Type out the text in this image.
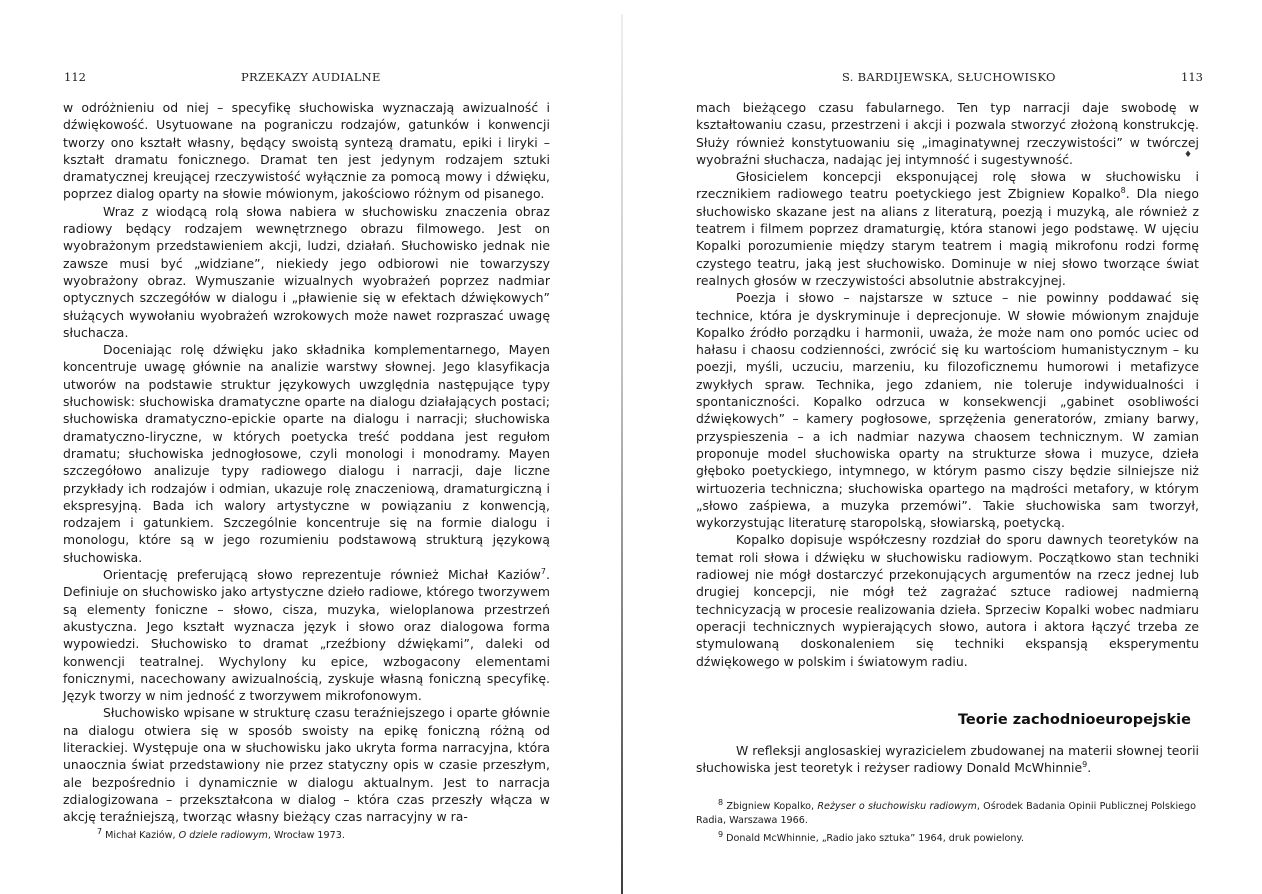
112	PRZEKAZY AUDIALNE

w odróżnieniu od niej – specyfikę słuchowiska wyznaczają awizualność i dźwiękowość. Usytuowane na pograniczu rodzajów, gatunków i konwencji tworzy ono kształt własny, będący swoistą syntezą dramatu, epiki i liryki – kształt dramatu fonicznego. Dramat ten jest jedynym rodzajem sztuki dramatycznej kreującej rzeczywistość wyłącznie za pomocą mowy i dźwięku, poprzez dialog oparty na słowie mówionym, jakościowo różnym od pisanego.

Wraz z wiodącą rolą słowa nabiera w słuchowisku znaczenia obraz radiowy będący rodzajem wewnętrznego obrazu filmowego. Jest on wyobrażonym przedstawieniem akcji, ludzi, działań. Słuchowisko jednak nie zawsze musi być „widziane”, niekiedy jego odbiorowi nie towarzyszy wyobrażony obraz. Wymuszanie wizualnych wyobrażeń poprzez nadmiar optycznych szczegółów w dialogu i „pławienie się w efektach dźwiękowych” służących wywołaniu wyobrażeń wzrokowych może nawet rozpraszać uwagę słuchacza.

Doceniając rolę dźwięku jako składnika komplementarnego, Mayen koncentruje uwagę głównie na analizie warstwy słownej. Jego klasyfikacja utworów na podstawie struktur językowych uwzględnia następujące typy słuchowisk: słuchowiska dramatyczne oparte na dialogu działających postaci; słuchowiska dramatyczno-epickie oparte na dialogu i narracji; słuchowiska dramatyczno-liryczne, w których poetycka treść poddana jest regułom dramatu; słuchowiska jednogłosowe, czyli monologi i monodramy. Mayen szczegółowo analizuje typy radiowego dialogu i narracji, daje liczne przykłady ich rodzajów i odmian, ukazuje rolę znaczeniową, dramaturgiczną i ekspresyjną. Bada ich walory artystyczne w powiązaniu z konwencją, rodzajem i gatunkiem. Szczególnie koncentruje się na formie dialogu i monologu, które są w jego rozumieniu podstawową strukturą językową słuchowiska.

Orientację preferującą słowo reprezentuje również Michał Kaziów$^7$. Definiuje on słuchowisko jako artystyczne dzieło radiowe, którego tworzywem są elementy foniczne – słowo, cisza, muzyka, wieloplanowa przestrzeń akustyczna. Jego kształt wyznacza język i słowo oraz dialogowa forma wypowiedzi. Słuchowisko to dramat „rzeźbiony dźwiękami”, daleki od konwencji teatralnej. Wychylony ku epice, wzbogacony elementami fonicznymi, nacechowany awizualnością, zyskuje własną foniczną specyfikę. Język tworzy w nim jedność z tworzywem mikrofonowym.

Słuchowisko wpisane w strukturę czasu teraźniejszego i oparte głównie na dialogu otwiera się w sposób swoisty na epikę foniczną różną od literackiej. Występuje ona w słuchowisku jako ukryta forma narracyjna, która unaocznia świat przedstawiony nie przez statyczny opis w czasie przeszłym, ale bezpośrednio i dynamicznie w dialogu aktualnym. Jest to narracja zdialogizowana – przekształcona w dialog – która czas przeszły włącza w akcję teraźniejszą, tworząc własny bieżący czas narracyjny w ra-

$^7$ Michał Kaziów, O dziele radiowym, Wrocław 1973.

S. BARDIJEWSKA, SŁUCHOWISKO	113

mach bieżącego czasu fabularnego. Ten typ narracji daje swobodę w kształtowaniu czasu, przestrzeni i akcji i pozwala stworzyć złożoną konstrukcję. Służy również konstytuowaniu się „imaginatywnej rzeczywistości” w twórczej wyobraźni słuchacza, nadając jej intymność i sugestywność.

Głosicielem koncepcji eksponującej rolę słowa w słuchowisku i rzecznikiem radiowego teatru poetyckiego jest Zbigniew Kopalko$^8$. Dla niego słuchowisko skazane jest na alians z literaturą, poezją i muzyką, ale również z teatrem i filmem poprzez dramaturgię, która stanowi jego podstawę. W ujęciu Kopalki porozumienie między starym teatrem i magią mikrofonu rodzi formę czystego teatru, jaką jest słuchowisko. Dominuje w niej słowo tworzące świat realnych głosów w rzeczywistości absolutnie abstrakcyjnej.

Poezja i słowo – najstarsze w sztuce – nie powinny poddawać się technice, która je dyskryminuje i deprecjonuje. W słowie mówionym znajduje Kopalko źródło porządku i harmonii, uważa, że może nam ono pomóc uciec od hałasu i chaosu codzienności, zwrócić się ku wartościom humanistycznym – ku poezji, myśli, uczuciu, marzeniu, ku filozoficznemu humorowi i metafizyce zwykłych spraw. Technika, jego zdaniem, nie toleruje indywidualności i spontaniczności. Kopalko odrzuca w konsekwencji „gabinet osobliwości dźwiękowych” – kamery pogłosowe, sprzężenia generatorów, zmiany barwy, przyspieszenia – a ich nadmiar nazywa chaosem technicznym. W zamian proponuje model słuchowiska oparty na strukturze słowa i muzyce, dzieła głęboko poetyckiego, intymnego, w którym pasmo ciszy będzie silniejsze niż wirtuozeria techniczna; słuchowiska opartego na mądrości metafory, w którym „słowo zaśpiewa, a muzyka przemówi”. Takie słuchowiska sam tworzył, wykorzystując literaturę staropolską, słowiarską, poetycką.

Kopalko dopisuje współczesny rozdział do sporu dawnych teoretyków na temat roli słowa i dźwięku w słuchowisku radiowym. Początkowo stan techniki radiowej nie mógł dostarczyć przekonujących argumentów na rzecz jednej lub drugiej koncepcji, nie mógł też zagrażać sztuce radiowej nadmierną technicyzacją w procesie realizowania dzieła. Sprzeciw Kopalki wobec nadmiaru operacji technicznych wypierających słowo, autora i aktora łączyć trzeba ze stymulowaną doskonaleniem się techniki ekspansją eksperymentu dźwiękowego w polskim i światowym radiu.

♦
Teorie zachodnioeuropejskie

W refleksji anglosaskiej wyrazicielem zbudowanej na materii słownej teorii słuchowiska jest teoretyk i reżyser radiowy Donald McWhinnie$^9$.

$^8$ Zbigniew Kopalko, Reżyser o słuchowisku radiowym, Ośrodek Badania Opinii Publicznej Polskiego Radia, Warszawa 1966.

$^9$ Donald McWhinnie, „Radio jako sztuka” 1964, druk powielony.
